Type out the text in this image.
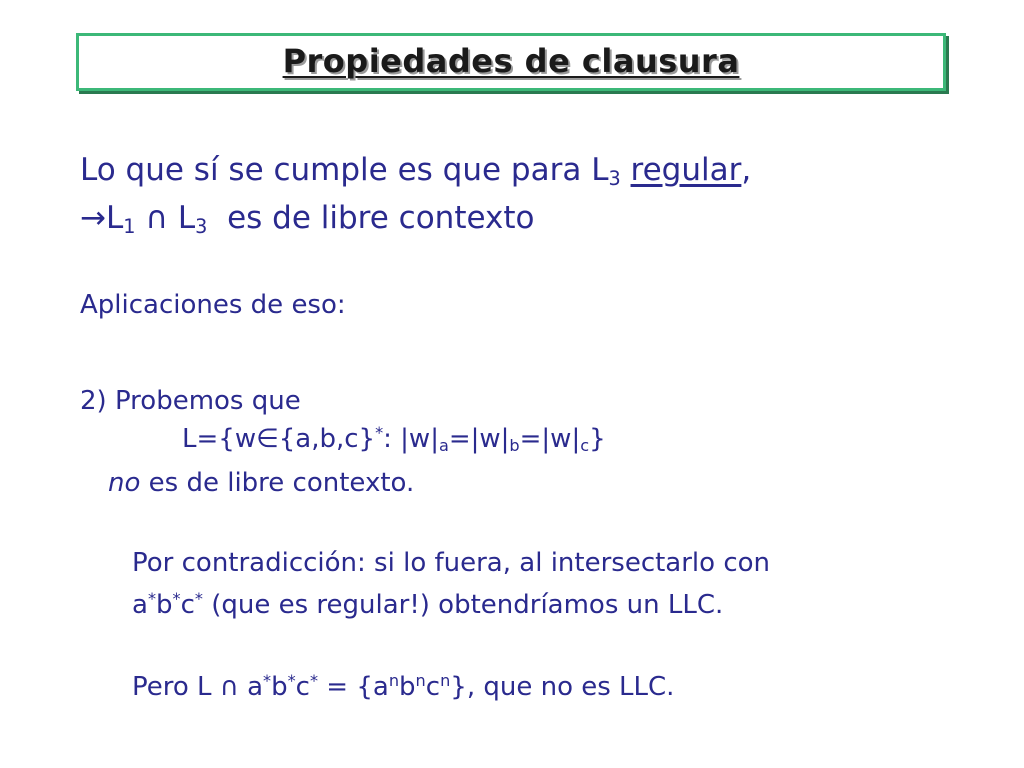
Propiedades de clausura
Lo que sí se cumple es que para $L_3$ regular,
$\to L_1$ ∩ $L_3$  es de libre contexto
Aplicaciones de eso:
2) Probemos que
L={w∈{a,b,c}*: $|w|_a=|w|_b=|w|_c$}
no es de libre contexto.
Por contradicción: si lo fuera, al intersectarlo con
a*b*c* (que es regular!) obtendríamos un LLC.
Pero L ∩ $a^*b^*c^* = \{a^nb^nc^n\}$, que no es LLC.
